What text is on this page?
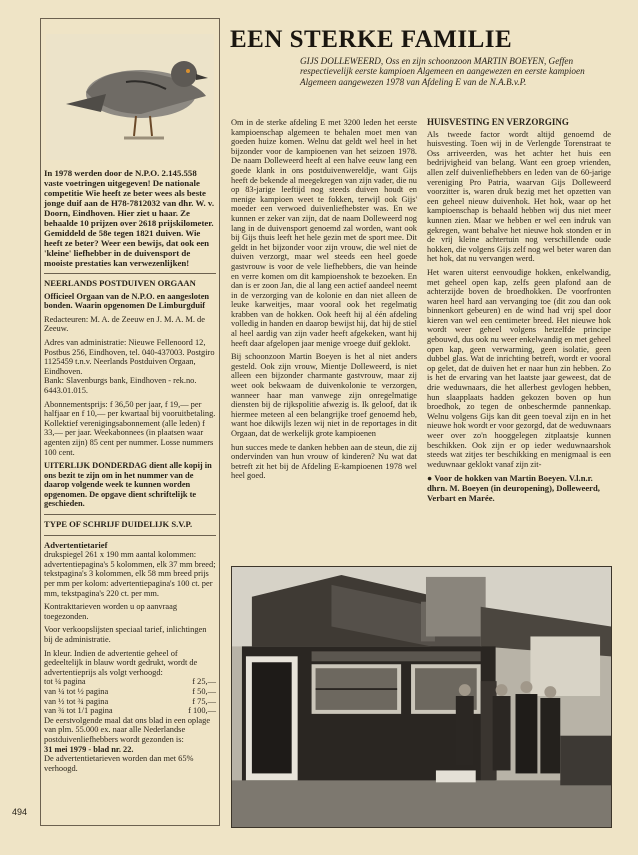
In 1978 werden door de N.P.O. 2.145.558 vaste voetringen uitgegeven! De nationale competitie Wie heeft ze beter wees als beste jonge duif aan de H78-7812032 van dhr. W. v. Doorn, Eindhoven. Hier ziet u haar. Ze behaalde 10 prijzen over 2618 prijskilometer. Gemiddeld de 58e tegen 1821 duiven. Wie heeft ze beter? Weer een bewijs, dat ook een 'kleine' liefhebber in de duivensport de mooiste prestaties kan verwezenlijken!

NEERLANDS POSTDUIVEN ORGAAN

Officieel Orgaan van de N.P.O. en aangesloten bonden. Waarin opgenomen De Limburgduif

Redacteuren: M. A. de Zeeuw en J. M. A. M. de Zeeuw.

Adres van administratie: Nieuwe Fellenoord 12, Postbus 256, Eindhoven, tel. 040-437003. Postgiro 1125459 t.n.v. Neerlands Postduiven Orgaan, Eindhoven.

Bank: Slavenburgs bank, Eindhoven - rek.no. 6443.01.015.

Abonnementsprijs: f 36,50 per jaar, f 19,— per halfjaar en f 10,— per kwartaal bij vooruitbetaling. Kollektief verenigingsabonnement (alle leden) f 33,— per jaar. Weekabonnees (in plaatsen waar agenten zijn) 85 cent per nummer. Losse nummers 100 cent.

UITERLIJK DONDERDAG dient alle kopij in ons bezit te zijn om in het nummer van de daarop volgende week te kunnen worden opgenomen. De opgave dient schriftelijk te geschieden.

TYPE OF SCHRIJF DUIDELIJK S.V.P.
Advertentietarief

drukspiegel 261 x 190 mm aantal kolommen: advertentiepagina's 5 kolommen, elk 37 mm breed; tekstpagina's 3 kolommen, elk 58 mm breed prijs per mm per kolom: advertentiepagina's 100 ct. per mm, tekstpagina's 220 ct. per mm.

Kontrakttarieven worden u op aanvraag toegezonden.

Voor verkoopslijsten speciaal tarief, inlichtingen bij de administratie.

In kleur. Indien de advertentie geheel of gedeeltelijk in blauw wordt gedrukt, wordt de advertentieprijs als volgt verhoogd:

tot ¼ pagina	f 25,—
van ¼ tot ½ pagina	f 50,—
van ½ tot ¾ pagina	f 75,—
van ¾ tot 1/1 pagina	f 100,—

De eerstvolgende maal dat ons blad in een oplage van plm. 55.000 ex. naar alle Nederlandse postduivenliefhebbers wordt gezonden is:

31 mei 1979 - blad nr. 22.

De advertentietarieven worden dan met 65% verhoogd.

EEN STERKE FAMILIE

GIJS DOLLEWEERD, Oss en zijn schoonzoon MARTIN BOEYEN, Geffen respectievelijk eerste kampioen Algemeen en aangewezen en eerste kampioen Algemeen aangewezen 1978 van Afdeling E van de N.A.B.v.P.

Om in de sterke afdeling E met 3200 leden het eerste kampioenschap algemeen te behalen moet men van goeden huize komen. Welnu dat geldt wel heel in het bijzonder voor de kampioenen van het seizoen 1978. De naam Dolleweerd heeft al een halve eeuw lang een goede klank in ons postduivenwereldje, want Gijs heeft de bekende al meegekregen van zijn vader, die nu op 83-jarige leeftijd nog steeds duiven houdt en menige kampioen weet te fokken, terwijl ook Gijs' moeder een verwoed duivenliefhebster was. En we kunnen er zeker van zijn, dat de naam Dolleweerd nog lang in de duivensport genoemd zal worden, want ook bij Gijs thuis leeft het hele gezin met de sport mee. Dit geldt in het bijzonder voor zijn vrouw, die wel niet de duiven verzorgt, maar wel steeds een heel goede gastvrouw is voor de vele liefhebbers, die van heinde en verre komen om dit kampioenshok te bezoeken. En dan is er zoon Jan, die al lang een actief aandeel neemt in de verzorging van de kolonie en dan niet alleen de leuke karweitjes, maar vooral ook het regelmatig krabben van de hokken. Ook heeft hij al één afdeling volledig in handen en daarop bewijst hij, dat hij de stiel al heel aardig van zijn vader heeft afgekeken, want hij heeft daar afgelopen jaar menige vroege duif geklokt.

Bij schoonzoon Martin Boeyen is het al niet anders gesteld. Ook zijn vrouw, Mientje Dolleweerd, is niet alleen een bijzonder charmante gastvrouw, maar zij weet ook bekwaam de duivenkolonie te verzorgen, wanneer haar man vanwege zijn onregelmatige diensten bij de rijkspolitie afwezig is. Ik geloof, dat ik hiermee meteen al een belangrijke troef genoemd heb, want hoe dikwijls lezen wij niet in de reportages in dit Orgaan, dat de werkelijk grote kampioenen

hun succes mede te danken hebben aan de steun, die zij ondervinden van hun vrouw of kinderen? Nu wat dat betreft zit het bij de Afdeling E-kampioenen 1978 wel heel goed.

HUISVESTING EN VERZORGING

Als tweede factor wordt altijd genoemd de huisvesting. Toen wij in de Verlengde Torenstraat te Oss arriveerden, was het achter het huis een bedrijvigheid van belang. Want een groep vrienden, allen zelf duivenliefhebbers en leden van de 60-jarige vereniging Pro Patria, waarvan Gijs Dolleweerd voorzitter is, waren druk bezig met het opzetten van een geheel nieuw duivenhok. Het hok, waar op het kampioenschap is behaald hebben wij dus niet meer kunnen zien. Maar we hebben er wel een indruk van gekregen, want behalve het nieuwe hok stonden er in de vrij kleine achtertuin nog verschillende oude hokken, die volgens Gijs zelf nog wel beter waren dan het hok, dat nu vervangen werd.

Het waren uiterst eenvoudige hokken, enkelwandig, met geheel open kap, zelfs geen plafond aan de achterzijde boven de broedhokken. De voorfronten waren heel hard aan vervanging toe (dit zou dan ook binnenkort gebeuren) en de wind had vrij spel door kieren van wel een centimeter breed. Het nieuwe hok wordt weer geheel volgens hetzelfde principe gebouwd, dus ook nu weer enkelwandig en met geheel open kap, geen verwarming, geen isolatie, geen dubbel glas. Wat de inrichting betreft, wordt er vooral op gelet, dat de duiven het er naar hun zin hebben. Zo is het de ervaring van het laatste jaar geweest, dat de drie weduwnaars, die het allerbest gevlogen hebben, hun slaapplaats hadden gekozen boven op hun broedhok, zo tegen de onbeschermde pannenkap. Welnu volgens Gijs kan dit geen toeval zijn en in het nieuwe hok wordt er voor gezorgd, dat de weduwnaars weer over zo'n hooggelegen zitplaatsje kunnen beschikken. Ook zijn er op ieder weduwnaarshok steeds wat zitjes ter beschikking en menigmaal is een weduwnaar geklokt vanaf zijn zit-

● Voor de hokken van Martin Boeyen. V.l.n.r. dhrn. M. Boeyen (in deuropening), Dolleweerd, Verbart en Marée.
494
